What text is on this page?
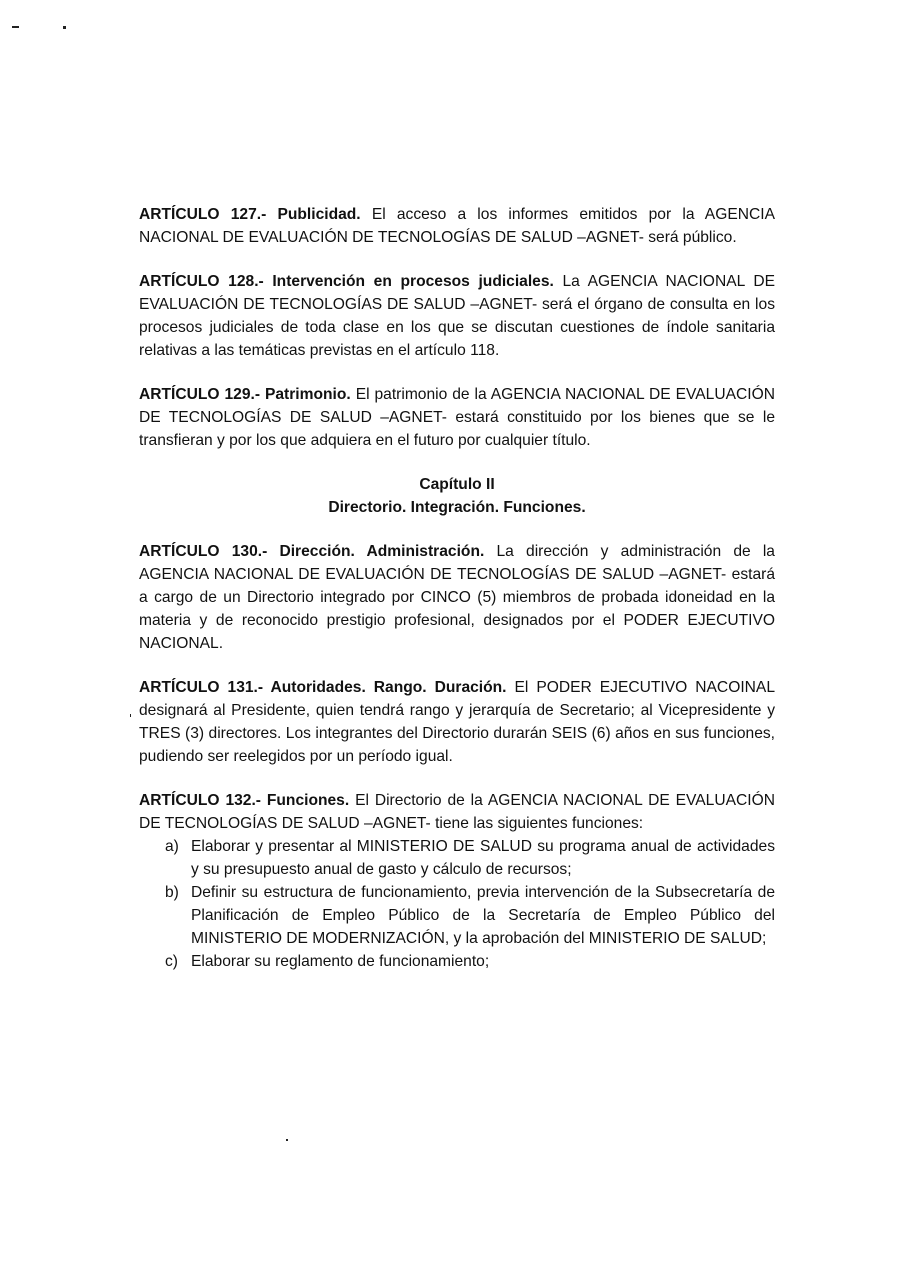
ARTÍCULO 127.- Publicidad. El acceso a los informes emitidos por la AGENCIA NACIONAL DE EVALUACIÓN DE TECNOLOGÍAS DE SALUD –AGNET- será público.

ARTÍCULO 128.- Intervención en procesos judiciales. La AGENCIA NACIONAL DE EVALUACIÓN DE TECNOLOGÍAS DE SALUD –AGNET- será el órgano de consulta en los procesos judiciales de toda clase en los que se discutan cuestiones de índole sanitaria relativas a las temáticas previstas en el artículo 118.

ARTÍCULO 129.- Patrimonio. El patrimonio de la AGENCIA NACIONAL DE EVALUACIÓN DE TECNOLOGÍAS DE SALUD –AGNET- estará constituido por los bienes que se le transfieran y por los que adquiera en el futuro por cualquier título.

Capítulo II
Directorio. Integración. Funciones.

ARTÍCULO 130.- Dirección. Administración. La dirección y administración de la AGENCIA NACIONAL DE EVALUACIÓN DE TECNOLOGÍAS DE SALUD –AGNET- estará a cargo de un Directorio integrado por CINCO (5) miembros de probada idoneidad en la materia y de reconocido prestigio profesional, designados por el PODER EJECUTIVO NACIONAL.

ARTÍCULO 131.- Autoridades. Rango. Duración. El PODER EJECUTIVO NACOINAL designará al Presidente, quien tendrá rango y jerarquía de Secretario; al Vicepresidente y TRES (3) directores. Los integrantes del Directorio durarán SEIS (6) años en sus funciones, pudiendo ser reelegidos por un período igual.

ARTÍCULO 132.- Funciones. El Directorio de la AGENCIA NACIONAL DE EVALUACIÓN DE TECNOLOGÍAS DE SALUD –AGNET- tiene las siguientes funciones:

a) Elaborar y presentar al MINISTERIO DE SALUD su programa anual de actividades y su presupuesto anual de gasto y cálculo de recursos;
b) Definir su estructura de funcionamiento, previa intervención de la Subsecretaría de Planificación de Empleo Público de la Secretaría de Empleo Público del MINISTERIO DE MODERNIZACIÓN, y la aprobación del MINISTERIO DE SALUD;
c) Elaborar su reglamento de funcionamiento;
